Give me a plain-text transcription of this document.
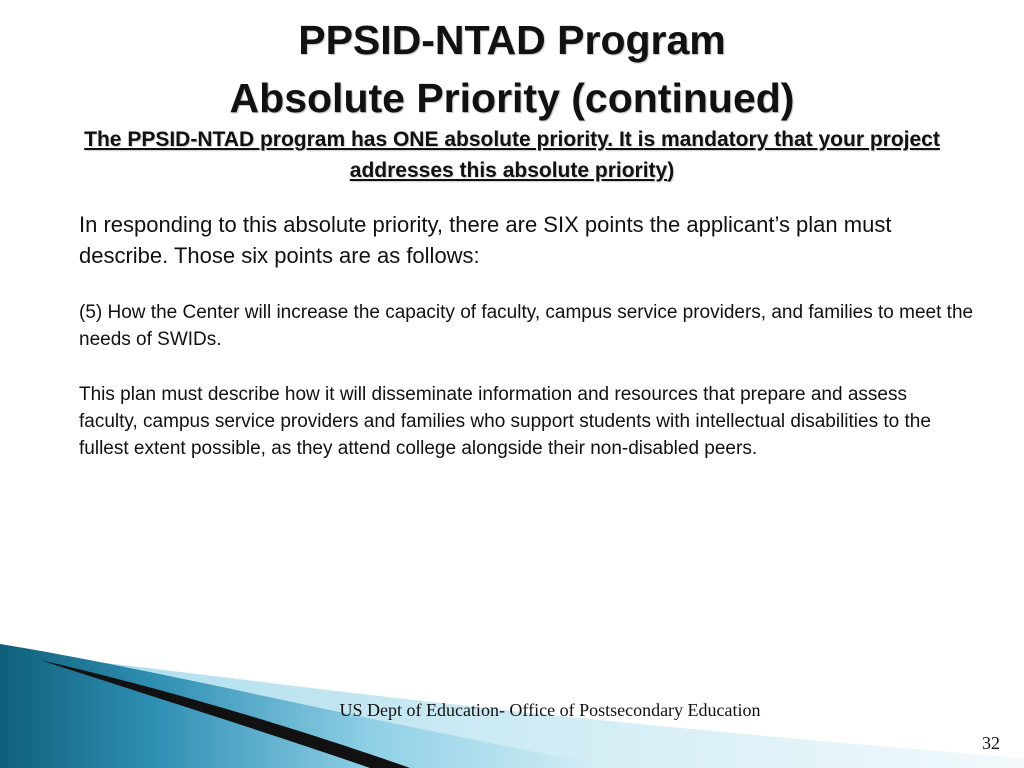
PPSID-NTAD Program
Absolute Priority (continued)

The PPSID-NTAD program has ONE absolute priority. It is mandatory that your project addresses this absolute priority)

In responding to this absolute priority, there are SIX points the applicant’s plan must describe. Those six points are as follows:

(5) How the Center will increase the capacity of faculty, campus service providers, and families to meet the needs of SWIDs.

This plan must describe how it will disseminate information and resources that prepare and assess faculty, campus service providers and families who support students with intellectual disabilities to the fullest extent possible, as they attend college alongside their non-disabled peers.

US Dept of Education- Office of Postsecondary Education

32
